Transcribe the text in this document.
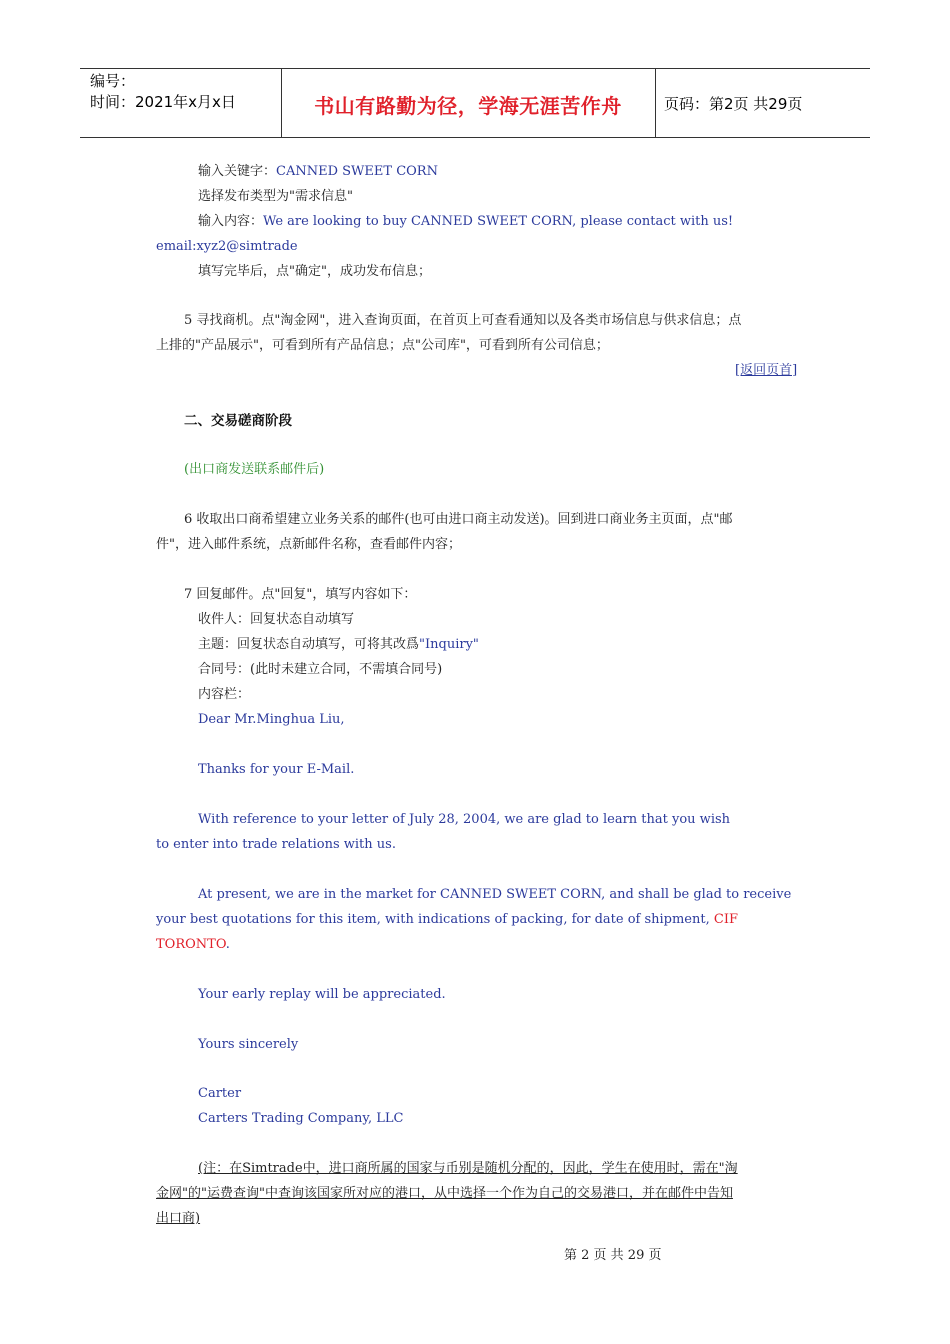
编号：
时间：2021年x月x日	书山有路勤为径，学海无涯苦作舟	页码：第2页 共29页
输入关键字：CANNED SWEET CORN
选择发布类型为"需求信息"
输入内容：We are looking to buy CANNED SWEET CORN, please contact with us!
email:xyz2@simtrade
填写完毕后，点"确定"，成功发布信息；
5 寻找商机。点"淘金网"，进入查询页面，在首页上可查看通知以及各类市场信息与供求信息；点
上排的"产品展示"，可看到所有产品信息；点"公司库"，可看到所有公司信息；
[返回页首]
二、交易磋商阶段
(出口商发送联系邮件后)
6 收取出口商希望建立业务关系的邮件(也可由进口商主动发送)。回到进口商业务主页面，点"邮
件"，进入邮件系统，点新邮件名称，查看邮件内容；
7 回复邮件。点"回复"，填写内容如下：
收件人：回复状态自动填写
主题：回复状态自动填写，可将其改爲"Inquiry"
合同号：(此时未建立合同，不需填合同号)
内容栏：
Dear Mr.Minghua Liu,
Thanks for your E-Mail.
With reference to your letter of July 28, 2004, we are glad to learn that you wish
to enter into trade relations with us.
At present, we are in the market for CANNED SWEET CORN, and shall be glad to receive
your best quotations for this item, with indications of packing, for date of shipment, CIF
TORONTO.
Your early replay will be appreciated.
Yours sincerely
Carter
Carters Trading Company, LLC
(注：在Simtrade中，进口商所属的国家与币别是随机分配的，因此，学生在使用时，需在"淘
金网"的"运费查询"中查询该国家所对应的港口，从中选择一个作为自己的交易港口，并在邮件中告知
出口商)
第 2 页 共 29 页
